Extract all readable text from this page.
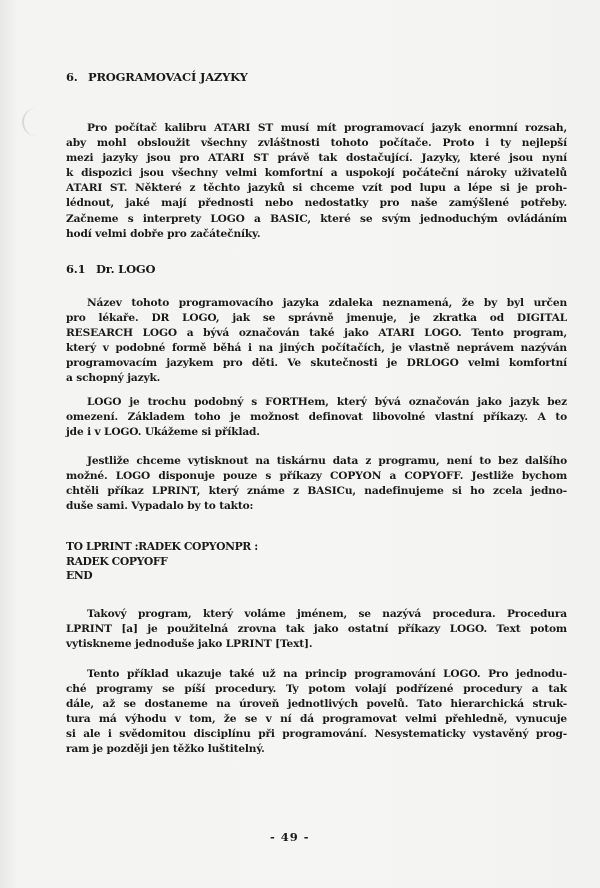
6. PROGRAMOVACÍ JAZYKY
Pro počítač kalibru ATARI ST musí mít programovací jazyk enormní rozsah,
aby mohl obsloužit všechny zvláštnosti tohoto počítače. Proto i ty nejlepší
mezi jazyky jsou pro ATARI ST právě tak dostačující. Jazyky, které jsou nyní
k dispozici jsou všechny velmi komfortní a uspokojí počáteční nároky uživatelů
ATARI ST. Některé z těchto jazyků si chceme vzít pod lupu a lépe si je proh-
lédnout, jaké mají přednosti nebo nedostatky pro naše zamýšlené potřeby.
Začneme s interprety LOGO a BASIC, které se svým jednoduchým ovládáním
hodí velmi dobře pro začátečníky.
6.1 Dr. LOGO
Název tohoto programovacího jazyka zdaleka neznamená, že by byl určen
pro lékaře. DR LOGO, jak se správně jmenuje, je zkratka od DIGITAL
RESEARCH LOGO a bývá označován také jako ATARI LOGO. Tento program,
který v podobné formě běhá i na jiných počítačích, je vlastně neprávem nazýván
programovacím jazykem pro děti. Ve skutečnosti je DRLOGO velmi komfortní
a schopný jazyk.
LOGO je trochu podobný s FORTHem, který bývá označován jako jazyk bez
omezení. Základem toho je možnost definovat libovolné vlastní příkazy. A to
jde i v LOGO. Ukážeme si příklad.
Jestliže chceme vytisknout na tiskárnu data z programu, není to bez dalšího
možné. LOGO disponuje pouze s příkazy COPYON a COPYOFF. Jestliže bychom
chtěli příkaz LPRINT, který známe z BASICu, nadefinujeme si ho zcela jedno-
duše sami. Vypadalo by to takto:
TO LPRINT :RADEK COPYONPR :
RADEK COPYOFF
END
Takový program, který voláme jménem, se nazývá procedura. Procedura
LPRINT [a] je použitelná zrovna tak jako ostatní příkazy LOGO. Text potom
vytiskneme jednoduše jako LPRINT [Text].
Tento příklad ukazuje také už na princip programování LOGO. Pro jednodu-
ché programy se píší procedury. Ty potom volají podřízené procedury a tak
dále, až se dostaneme na úroveň jednotlivých povelů. Tato hierarchická struk-
tura má výhodu v tom, že se v ní dá programovat velmi přehledně, vynucuje
si ale i svědomitou disciplínu při programování. Nesystematicky vystavěný prog-
ram je později jen těžko luštitelný.
- 49 -
